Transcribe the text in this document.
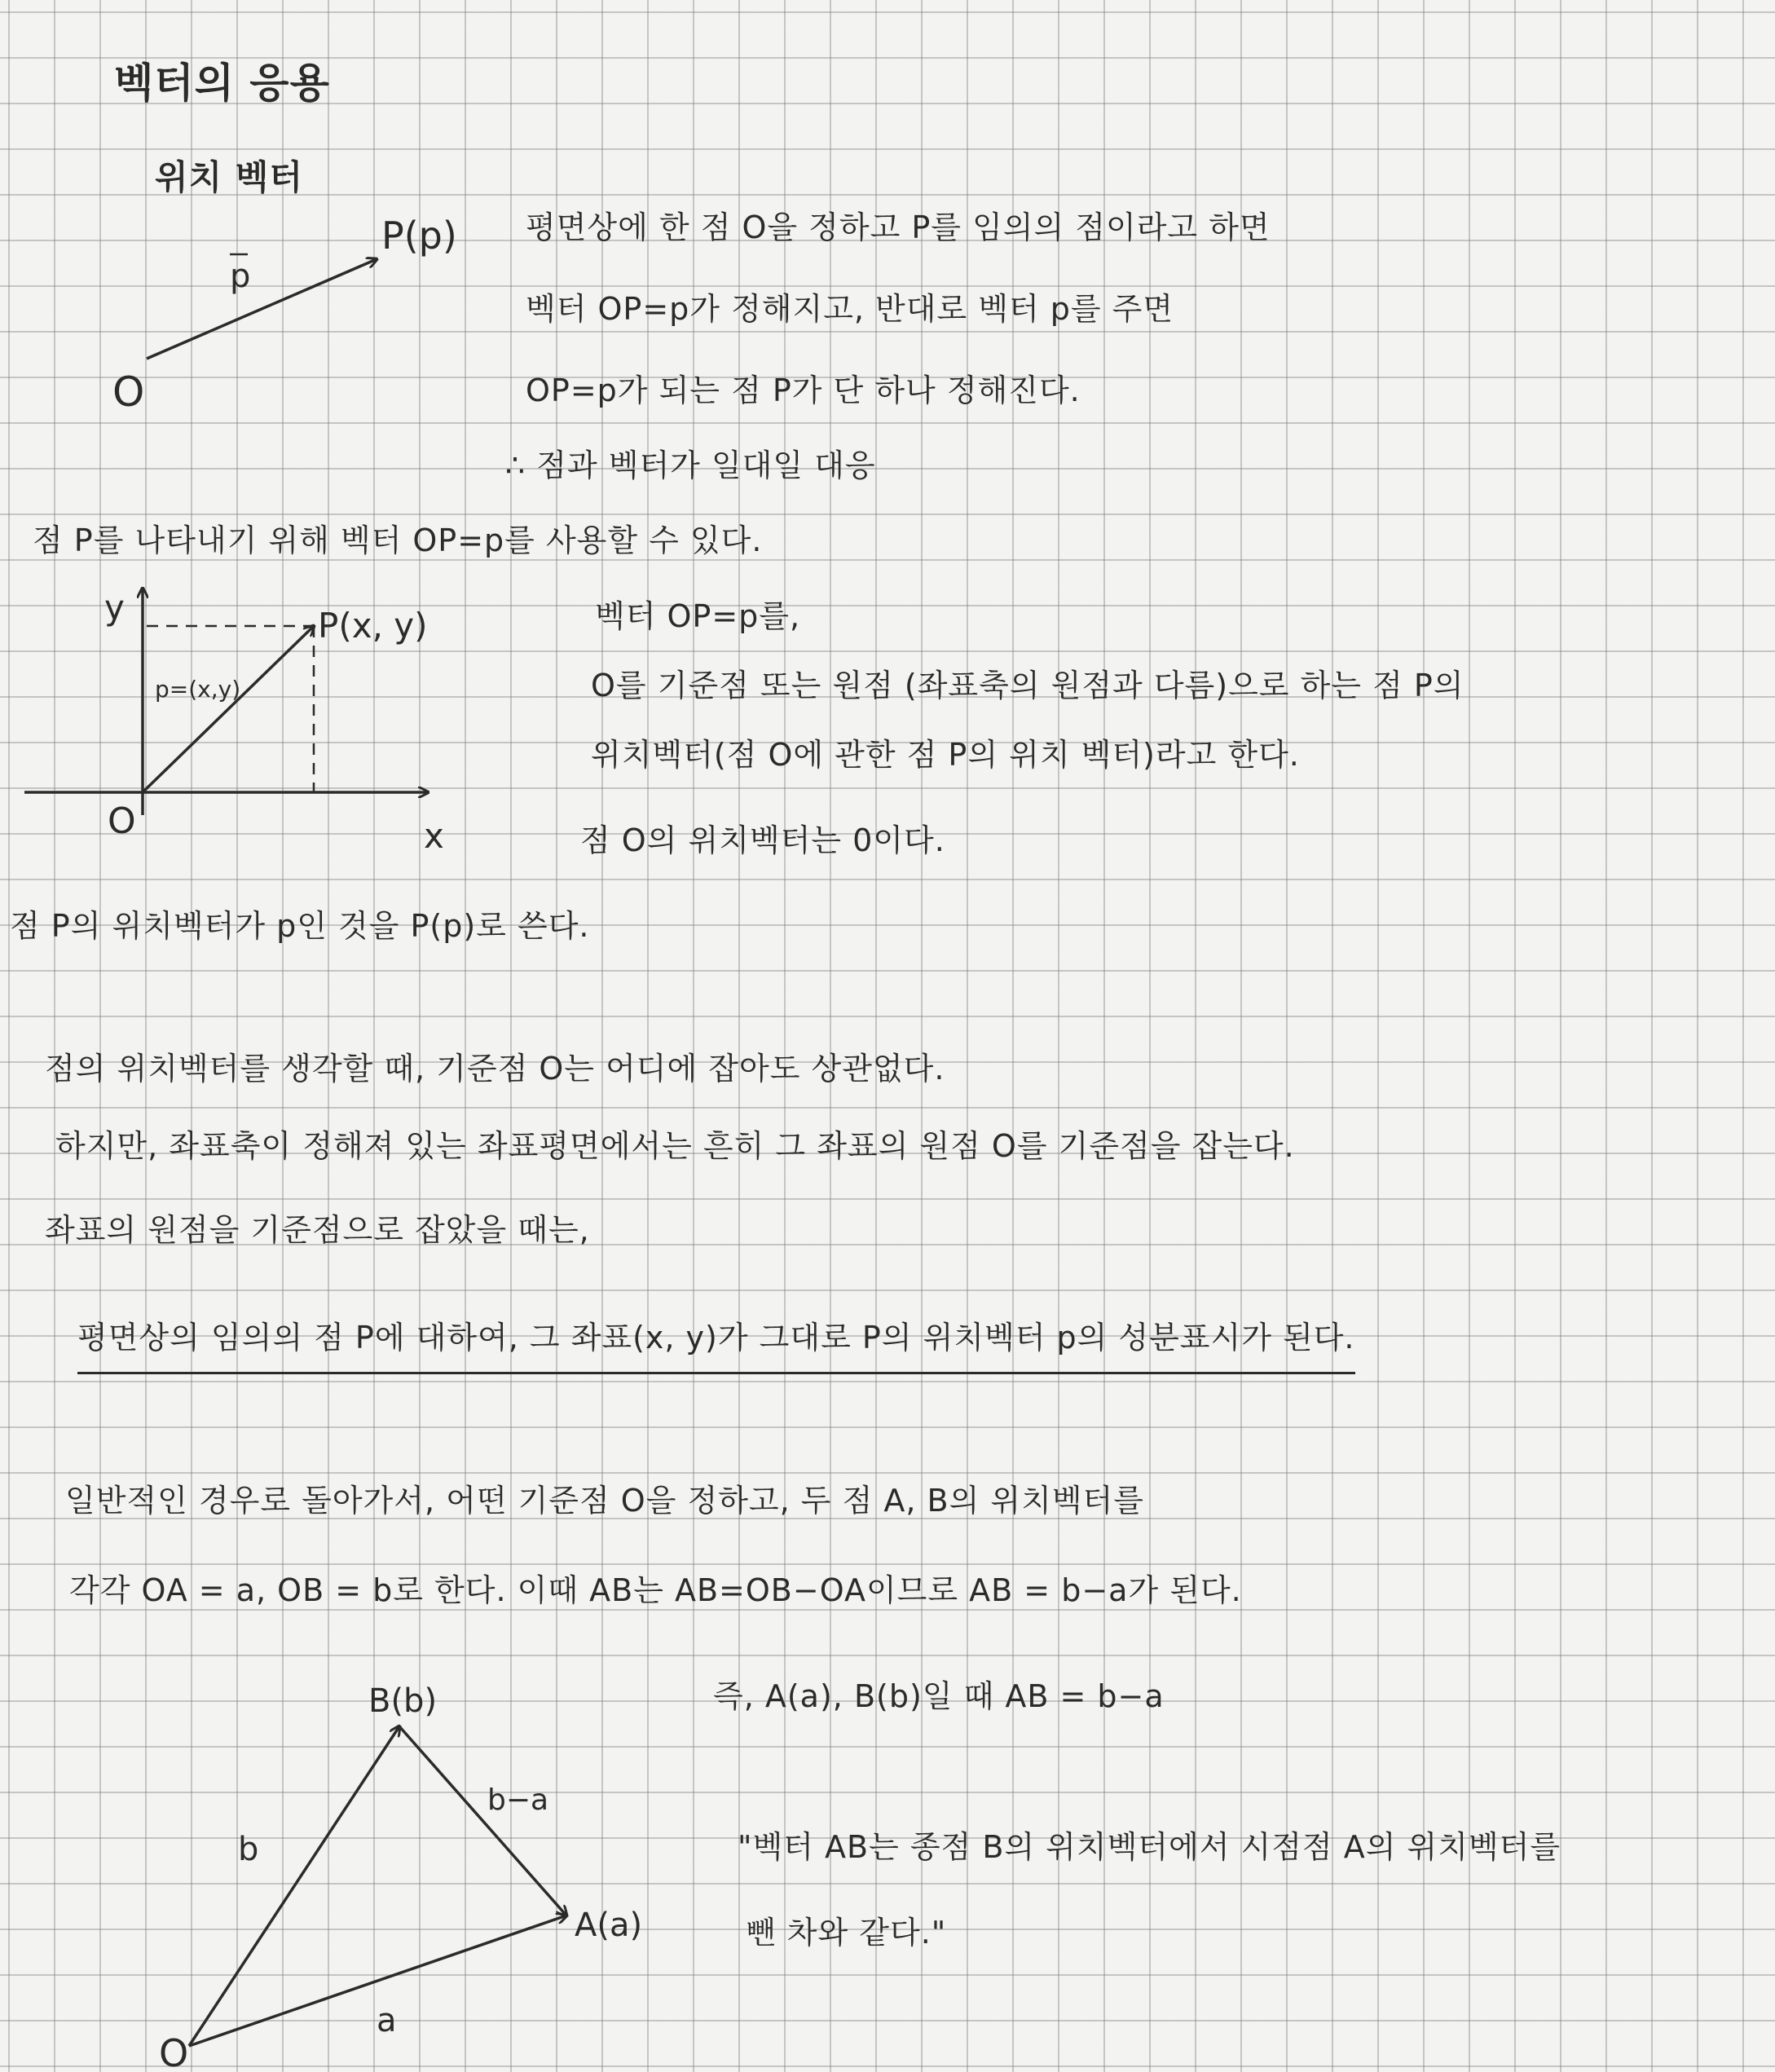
벡터의 응용
위치 벡터
O
P(p)
p
y
x
O
P(x, y)
p=(x,y)
O
A(a)
B(b)
a
b
b−a
평면상에 한 점 O을 정하고 P를 임의의 점이라고 하면
벡터 OP=p가 정해지고, 반대로 벡터 p를 주면
OP=p가 되는 점 P가 단 하나 정해진다.
∴ 점과 벡터가 일대일 대응
점 P를 나타내기 위해 벡터 OP=p를 사용할 수 있다.
벡터 OP=p를,
O를 기준점 또는 원점 (좌표축의 원점과 다름)으로 하는 점 P의
위치벡터(점 O에 관한 점 P의 위치 벡터)라고 한다.
점 O의 위치벡터는 0이다.
점 P의 위치벡터가 p인 것을 P(p)로 쓴다.
점의 위치벡터를 생각할 때, 기준점 O는 어디에 잡아도 상관없다.
하지만, 좌표축이 정해져 있는 좌표평면에서는 흔히 그 좌표의 원점 O를 기준점을 잡는다.
좌표의 원점을 기준점으로 잡았을 때는,
평면상의 임의의 점 P에 대하여, 그 좌표(x, y)가 그대로 P의 위치벡터 p의 성분표시가 된다.
일반적인 경우로 돌아가서, 어떤 기준점 O을 정하고, 두 점 A, B의 위치벡터를
각각 OA = a, OB = b로 한다. 이때 AB는 AB=OB−OA이므로 AB = b−a가 된다.
즉, A(a), B(b)일 때 AB = b−a
"벡터 AB는 종점 B의 위치벡터에서 시점점 A의 위치벡터를
뺀 차와 같다."
